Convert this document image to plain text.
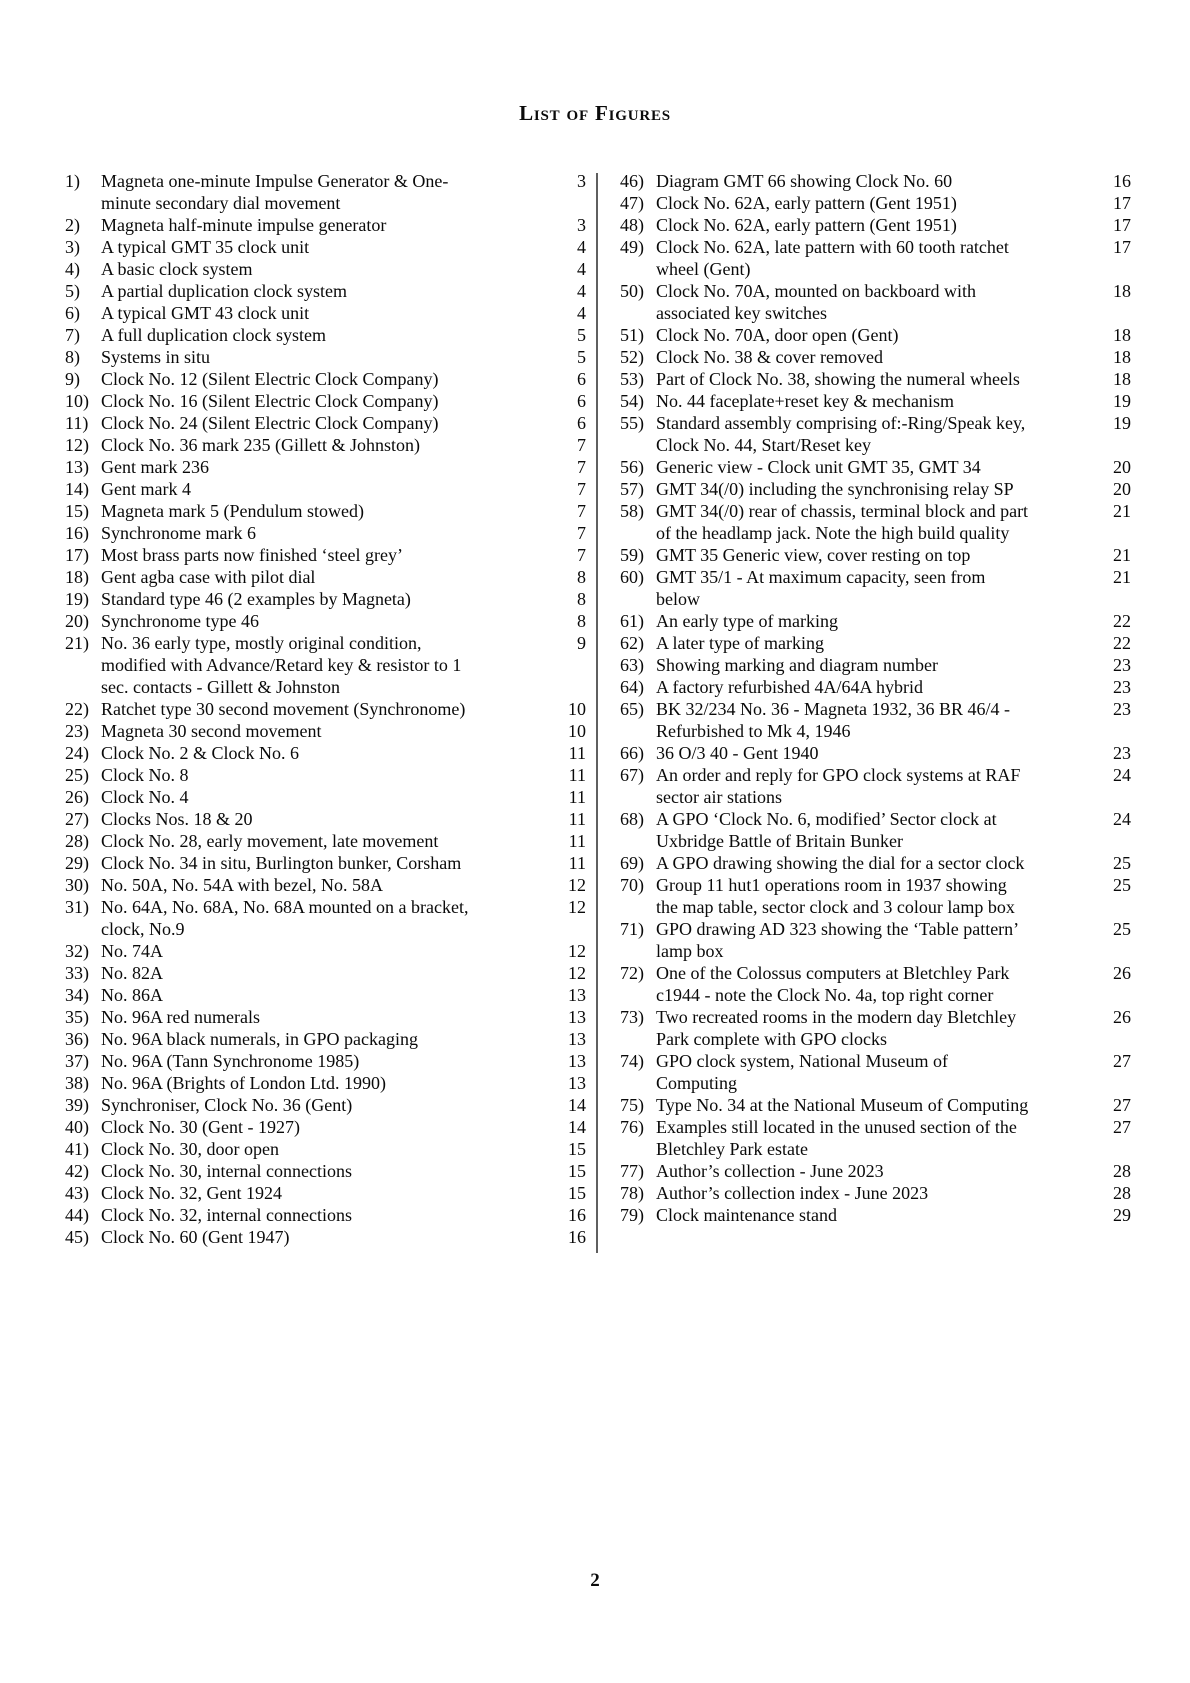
List of Figures
1)	Magneta one-minute Impulse Generator & One-
minute secondary dial movement
3
2)	Magneta half-minute impulse generator	3
3)	A typical GMT 35 clock unit	4
4)	A basic clock system	4
5)	A partial duplication clock system	4
6)	A typical GMT 43 clock unit	4
7)	A full duplication clock system	5
8)	Systems in situ	5
9)	Clock No. 12 (Silent Electric Clock Company)	6
10) Clock No. 16 (Silent Electric Clock Company)	6
11) Clock No. 24 (Silent Electric Clock Company)	6
12) Clock No. 36 mark 235 (Gillett & Johnston)	7
13) Gent mark 236	7
14) Gent mark 4	7
15) Magneta mark 5 (Pendulum stowed)	7
16) Synchronome mark 6	7
17) Most brass parts now finished ‘steel grey’	7
18) Gent agba case with pilot dial	8
19) Standard type 46 (2 examples by Magneta)	8
20) Synchronome type 46	8
21) No. 36 early type, mostly original condition,
modified with Advance/Retard key & resistor to 1
sec. contacts - Gillett & Johnston
9
22) Ratchet type 30 second movement (Synchronome)	10
23) Magneta 30 second movement	10
24) Clock No. 2 & Clock No. 6	11
25) Clock No. 8	11
26) Clock No. 4	11
27) Clocks Nos. 18 & 20	11
28) Clock No. 28, early movement, late movement	11
29) Clock No. 34 in situ, Burlington bunker, Corsham	11
30) No. 50A, No. 54A with bezel, No. 58A	12
31) No. 64A, No. 68A, No. 68A mounted on a bracket,
clock, No.9
12
32) No. 74A	12
33) No. 82A	12
34) No. 86A	13
35) No. 96A red numerals	13
36) No. 96A black numerals, in GPO packaging	13
37) No. 96A (Tann Synchronome 1985)	13
38) No. 96A (Brights of London Ltd. 1990)	13
39) Synchroniser, Clock No. 36 (Gent)	14
40) Clock No. 30 (Gent - 1927)	14
41) Clock No. 30, door open	15
42) Clock No. 30, internal connections	15
43) Clock No. 32, Gent 1924	15
44) Clock No. 32, internal connections	16
45) Clock No. 60 (Gent 1947)	16
46) Diagram GMT 66 showing Clock No. 60	16
47) Clock No. 62A, early pattern (Gent 1951)	17
48) Clock No. 62A, early pattern (Gent 1951)	17
49) Clock No. 62A, late pattern with 60 tooth ratchet
wheel (Gent)
17
50) Clock No. 70A, mounted on backboard with
associated key switches
18
51) Clock No. 70A, door open (Gent)	18
52) Clock No. 38 & cover removed	18
53) Part of Clock No. 38, showing the numeral wheels	18
54) No. 44 faceplate+reset key & mechanism	19
55) Standard assembly comprising of:-Ring/Speak key,
Clock No. 44, Start/Reset key
19
56) Generic view - Clock unit GMT 35, GMT 34	20
57) GMT 34(/0) including the synchronising relay SP	20
58) GMT 34(/0) rear of chassis, terminal block and part
of the headlamp jack. Note the high build quality
21
59) GMT 35 Generic view, cover resting on top	21
60) GMT 35/1 - At maximum capacity, seen from
below
21
61) An early type of marking	22
62) A later type of marking	22
63) Showing marking and diagram number	23
64) A factory refurbished 4A/64A hybrid	23
65) BK 32/234 No. 36 - Magneta 1932, 36 BR 46/4 -
Refurbished to Mk 4, 1946
23
66) 36 O/3 40 - Gent 1940	23
67) An order and reply for GPO clock systems at RAF
sector air stations
24
68) A GPO ‘Clock No. 6, modified’ Sector clock at
Uxbridge Battle of Britain Bunker
24
69) A GPO drawing showing the dial for a sector clock	25
70) Group 11 hut1 operations room in 1937 showing
the map table, sector clock and 3 colour lamp box
25
71) GPO drawing AD 323 showing the ‘Table pattern’
lamp box
25
72) One of the Colossus computers at Bletchley Park
c1944 - note the Clock No. 4a, top right corner
26
73) Two recreated rooms in the modern day Bletchley
Park complete with GPO clocks
26
74) GPO clock system, National Museum of
Computing
27
75) Type No. 34 at the National Museum of Computing	27
76) Examples still located in the unused section of the
Bletchley Park estate
27
77) Author’s collection - June 2023	28
78) Author’s collection index - June 2023	28
79) Clock maintenance stand	29
2
